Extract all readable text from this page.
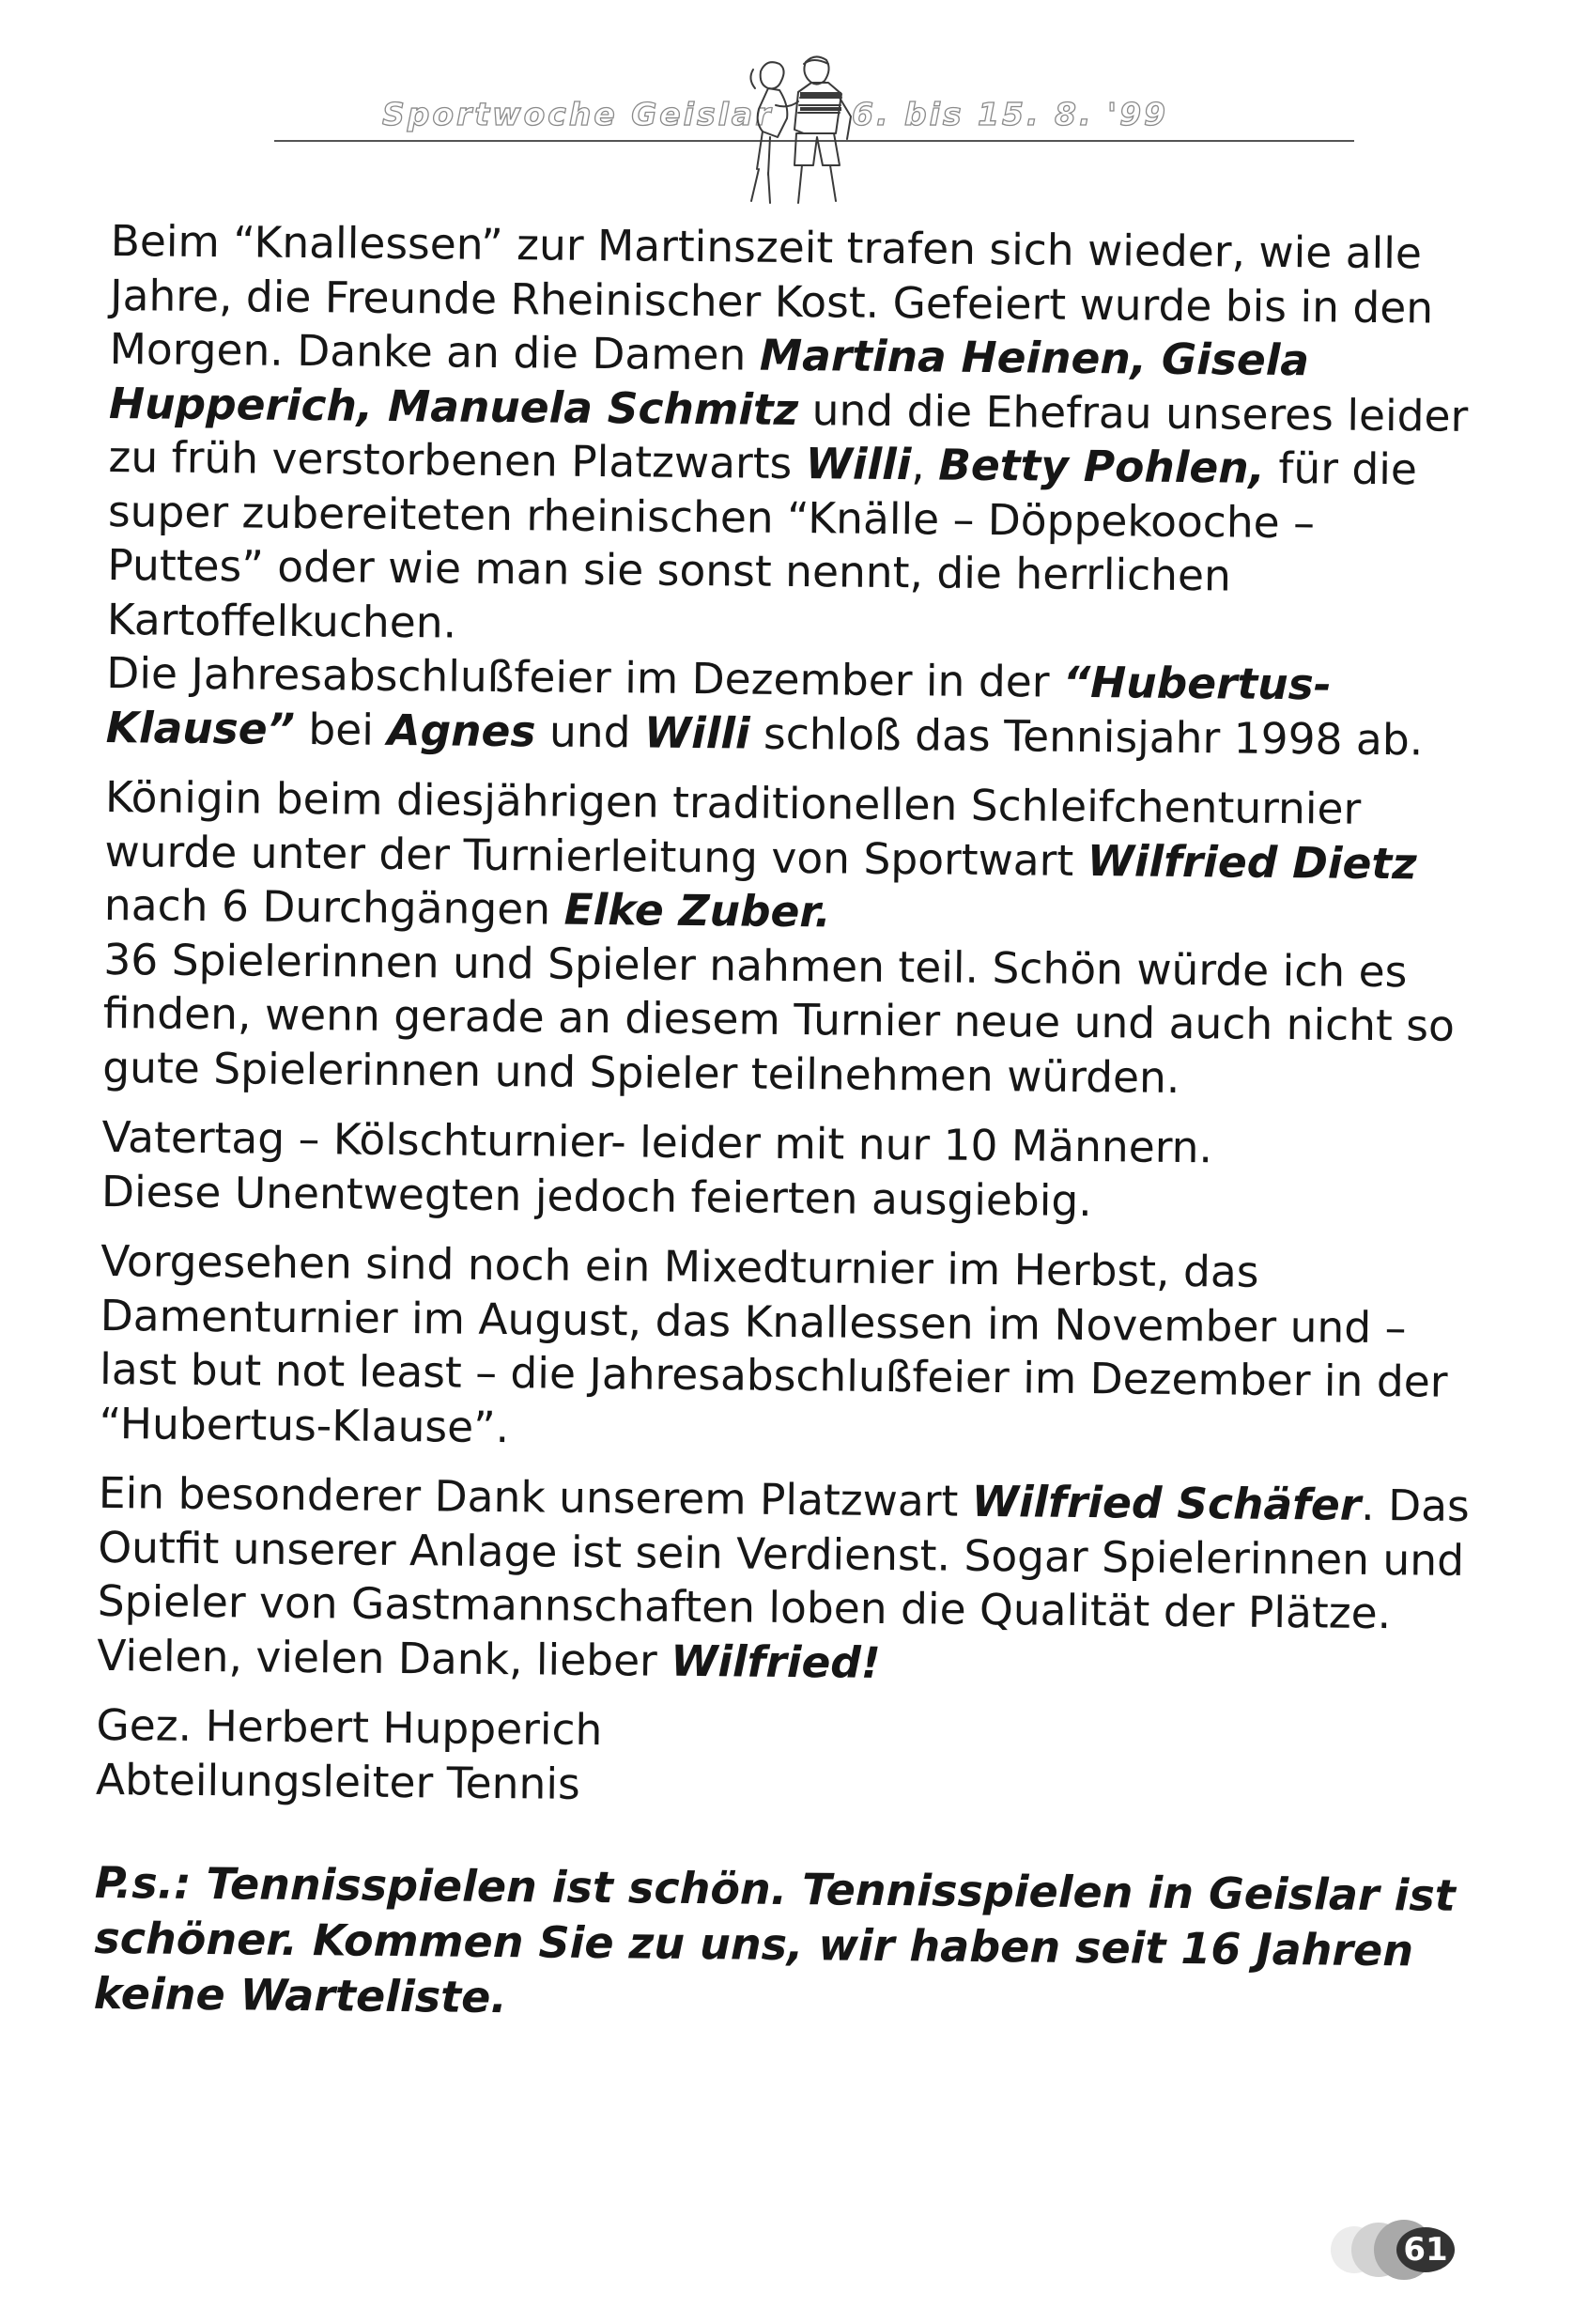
Sportwoche Geislar	6. bis 15. 8. '99

Beim “Knallessen” zur Martinszeit trafen sich wieder, wie alle Jahre, die Freunde Rheinischer Kost. Gefeiert wurde bis in den Morgen. Danke an die Damen Martina Heinen, Gisela Hupperich, Manuela Schmitz und die Ehefrau unseres leider zu früh verstorbenen Platzwarts Willi, Betty Pohlen, für die super zubereiteten rheinischen “Knälle – Döppekooche – Puttes” oder wie man sie sonst nennt, die herrlichen Kartoffelkuchen.

Die Jahresabschlußfeier im Dezember in der “Hubertus-Klause” bei Agnes und Willi schloß das Tennisjahr 1998 ab.

Königin beim diesjährigen traditionellen Schleifchenturnier wurde unter der Turnierleitung von Sportwart Wilfried Dietz nach 6 Durchgängen Elke Zuber.

36 Spielerinnen und Spieler nahmen teil. Schön würde ich es finden, wenn gerade an diesem Turnier neue und auch nicht so gute Spielerinnen und Spieler teilnehmen würden.

Vatertag – Kölschturnier- leider mit nur 10 Männern.
Diese Unentwegten jedoch feierten ausgiebig.

Vorgesehen sind noch ein Mixedturnier im Herbst, das Damenturnier im August, das Knallessen im November und – last but not least – die Jahresabschlußfeier im Dezember in der “Hubertus-Klause”.

Ein besonderer Dank unserem Platzwart Wilfried Schäfer. Das Outfit unserer Anlage ist sein Verdienst. Sogar Spielerinnen und Spieler von Gastmannschaften loben die Qualität der Plätze. Vielen, vielen Dank, lieber Wilfried!

Gez. Herbert Hupperich
Abteilungsleiter Tennis

P.s.: Tennisspielen ist schön. Tennisspielen in Geislar ist schöner. Kommen Sie zu uns, wir haben seit 16 Jahren keine Warteliste.

61
